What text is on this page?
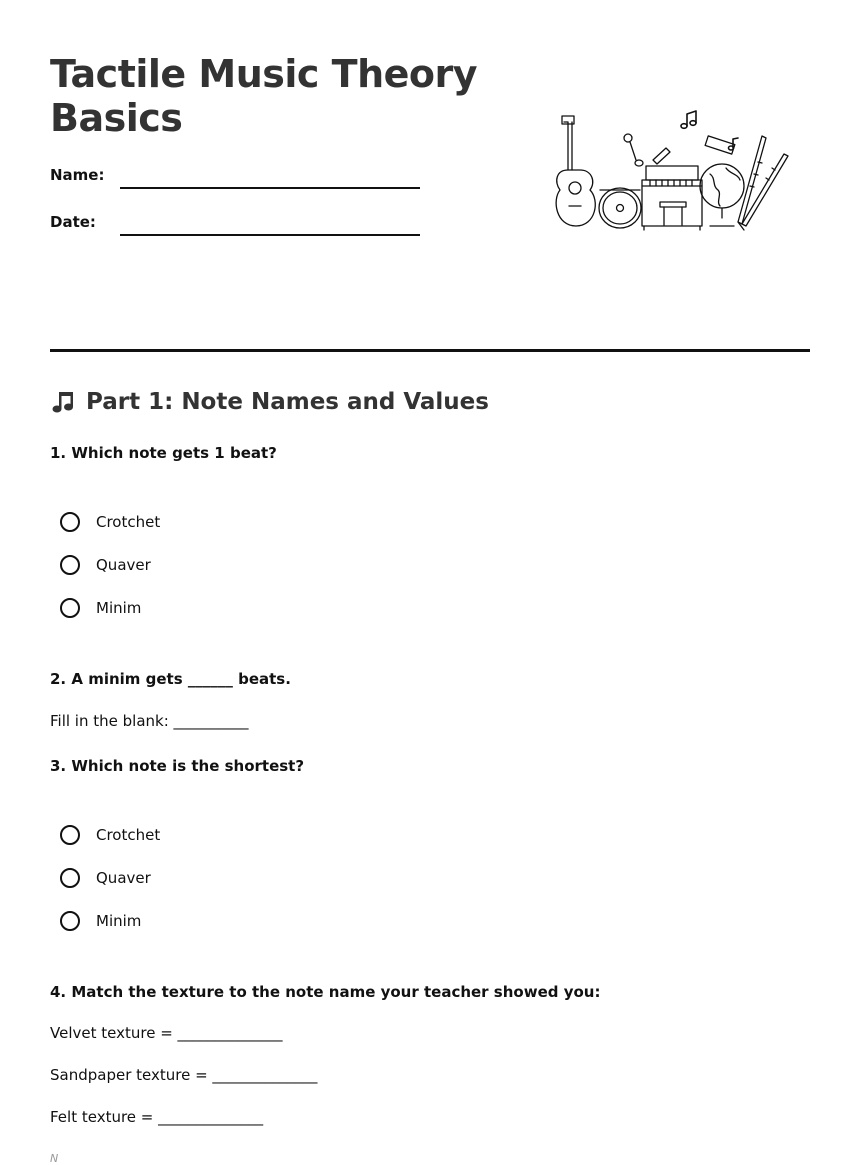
Tactile Music Theory Basics
Name:
Date:
Part 1: Note Names and Values
1. Which note gets 1 beat?
Crotchet
Quaver
Minim
2. A minim gets ______ beats.
Fill in the blank: __________
3. Which note is the shortest?
Crotchet
Quaver
Minim
4. Match the texture to the note name your teacher showed you:
Velvet texture = ______________
Sandpaper texture = ______________
Felt texture = ______________
N
